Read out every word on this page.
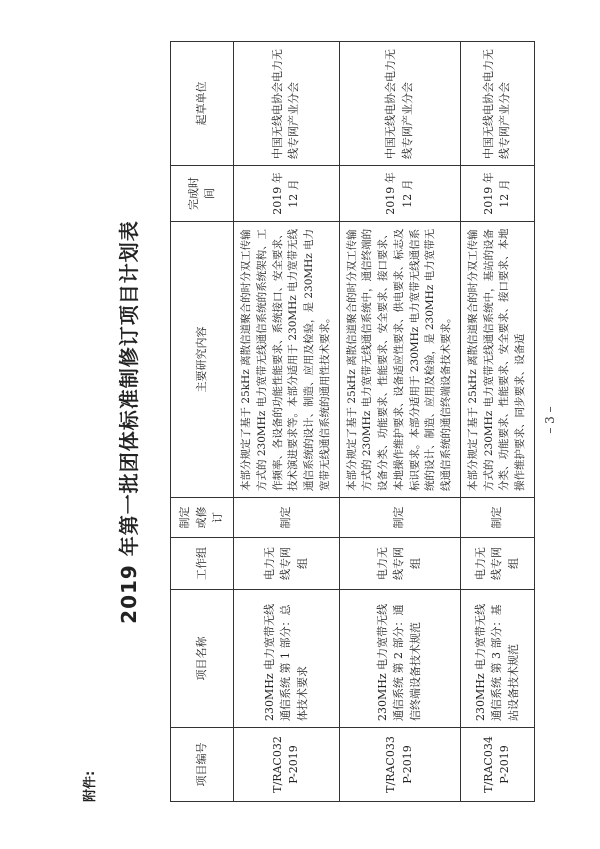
– 3 –
附件:
2019 年第一批团体标准制修订项目计划表
项目编号	项目名称	工作组	制定或修订	主要研究内容	完成时间	起草单位
T/RAC032P-2019	230MHz 电力宽带无线通信系统 第 1 部分：总体技术要求	电力无线专网组	制定	本部分规定了基于 25kHz 离散信道聚合的时分双工传输方式的 230MHz 电力宽带无线通信系统的系统架构、工作频率、各设备的功能性能要求、系统接口、安全要求、技术演进要求等。本部分适用于 230MHz 电力宽带无线通信系统的设计、制造、应用及检验，是 230MHz 电力宽带无线通信系统的通用性技术要求。	2019 年 12 月	中国无线电协会电力无线专网产业分会
T/RAC033P-2019	230MHz 电力宽带无线通信系统 第 2 部分：通信终端设备技术规范	电力无线专网组	制定	本部分规定了基于 25kHz 离散信道聚合的时分双工传输方式的 230MHz 电力宽带无线通信系统中，通信终端的设备分类、功能要求、性能要求、安全要求、接口要求、本地操作维护要求、设备适应性要求、供电要求、标志及标识要求。本部分适用于 230MHz 电力宽带无线通信系统的设计、制造、应用及检验，是 230MHz 电力宽带无线通信系统的通信终端设备技术要求。	2019 年 12 月	中国无线电协会电力无线专网产业分会
T/RAC034P-2019	230MHz 电力宽带无线通信系统 第 3 部分：基站设备技术规范	电力无线专网组	制定	本部分规定了基于 25kHz 离散信道聚合的时分双工传输方式的 230MHz 电力宽带无线通信系统中，基站的设备分类、功能要求、性能要求、安全要求、接口要求、本地操作维护要求、同步要求、设备适	2019 年 12 月	中国无线电协会电力无线专网产业分会
